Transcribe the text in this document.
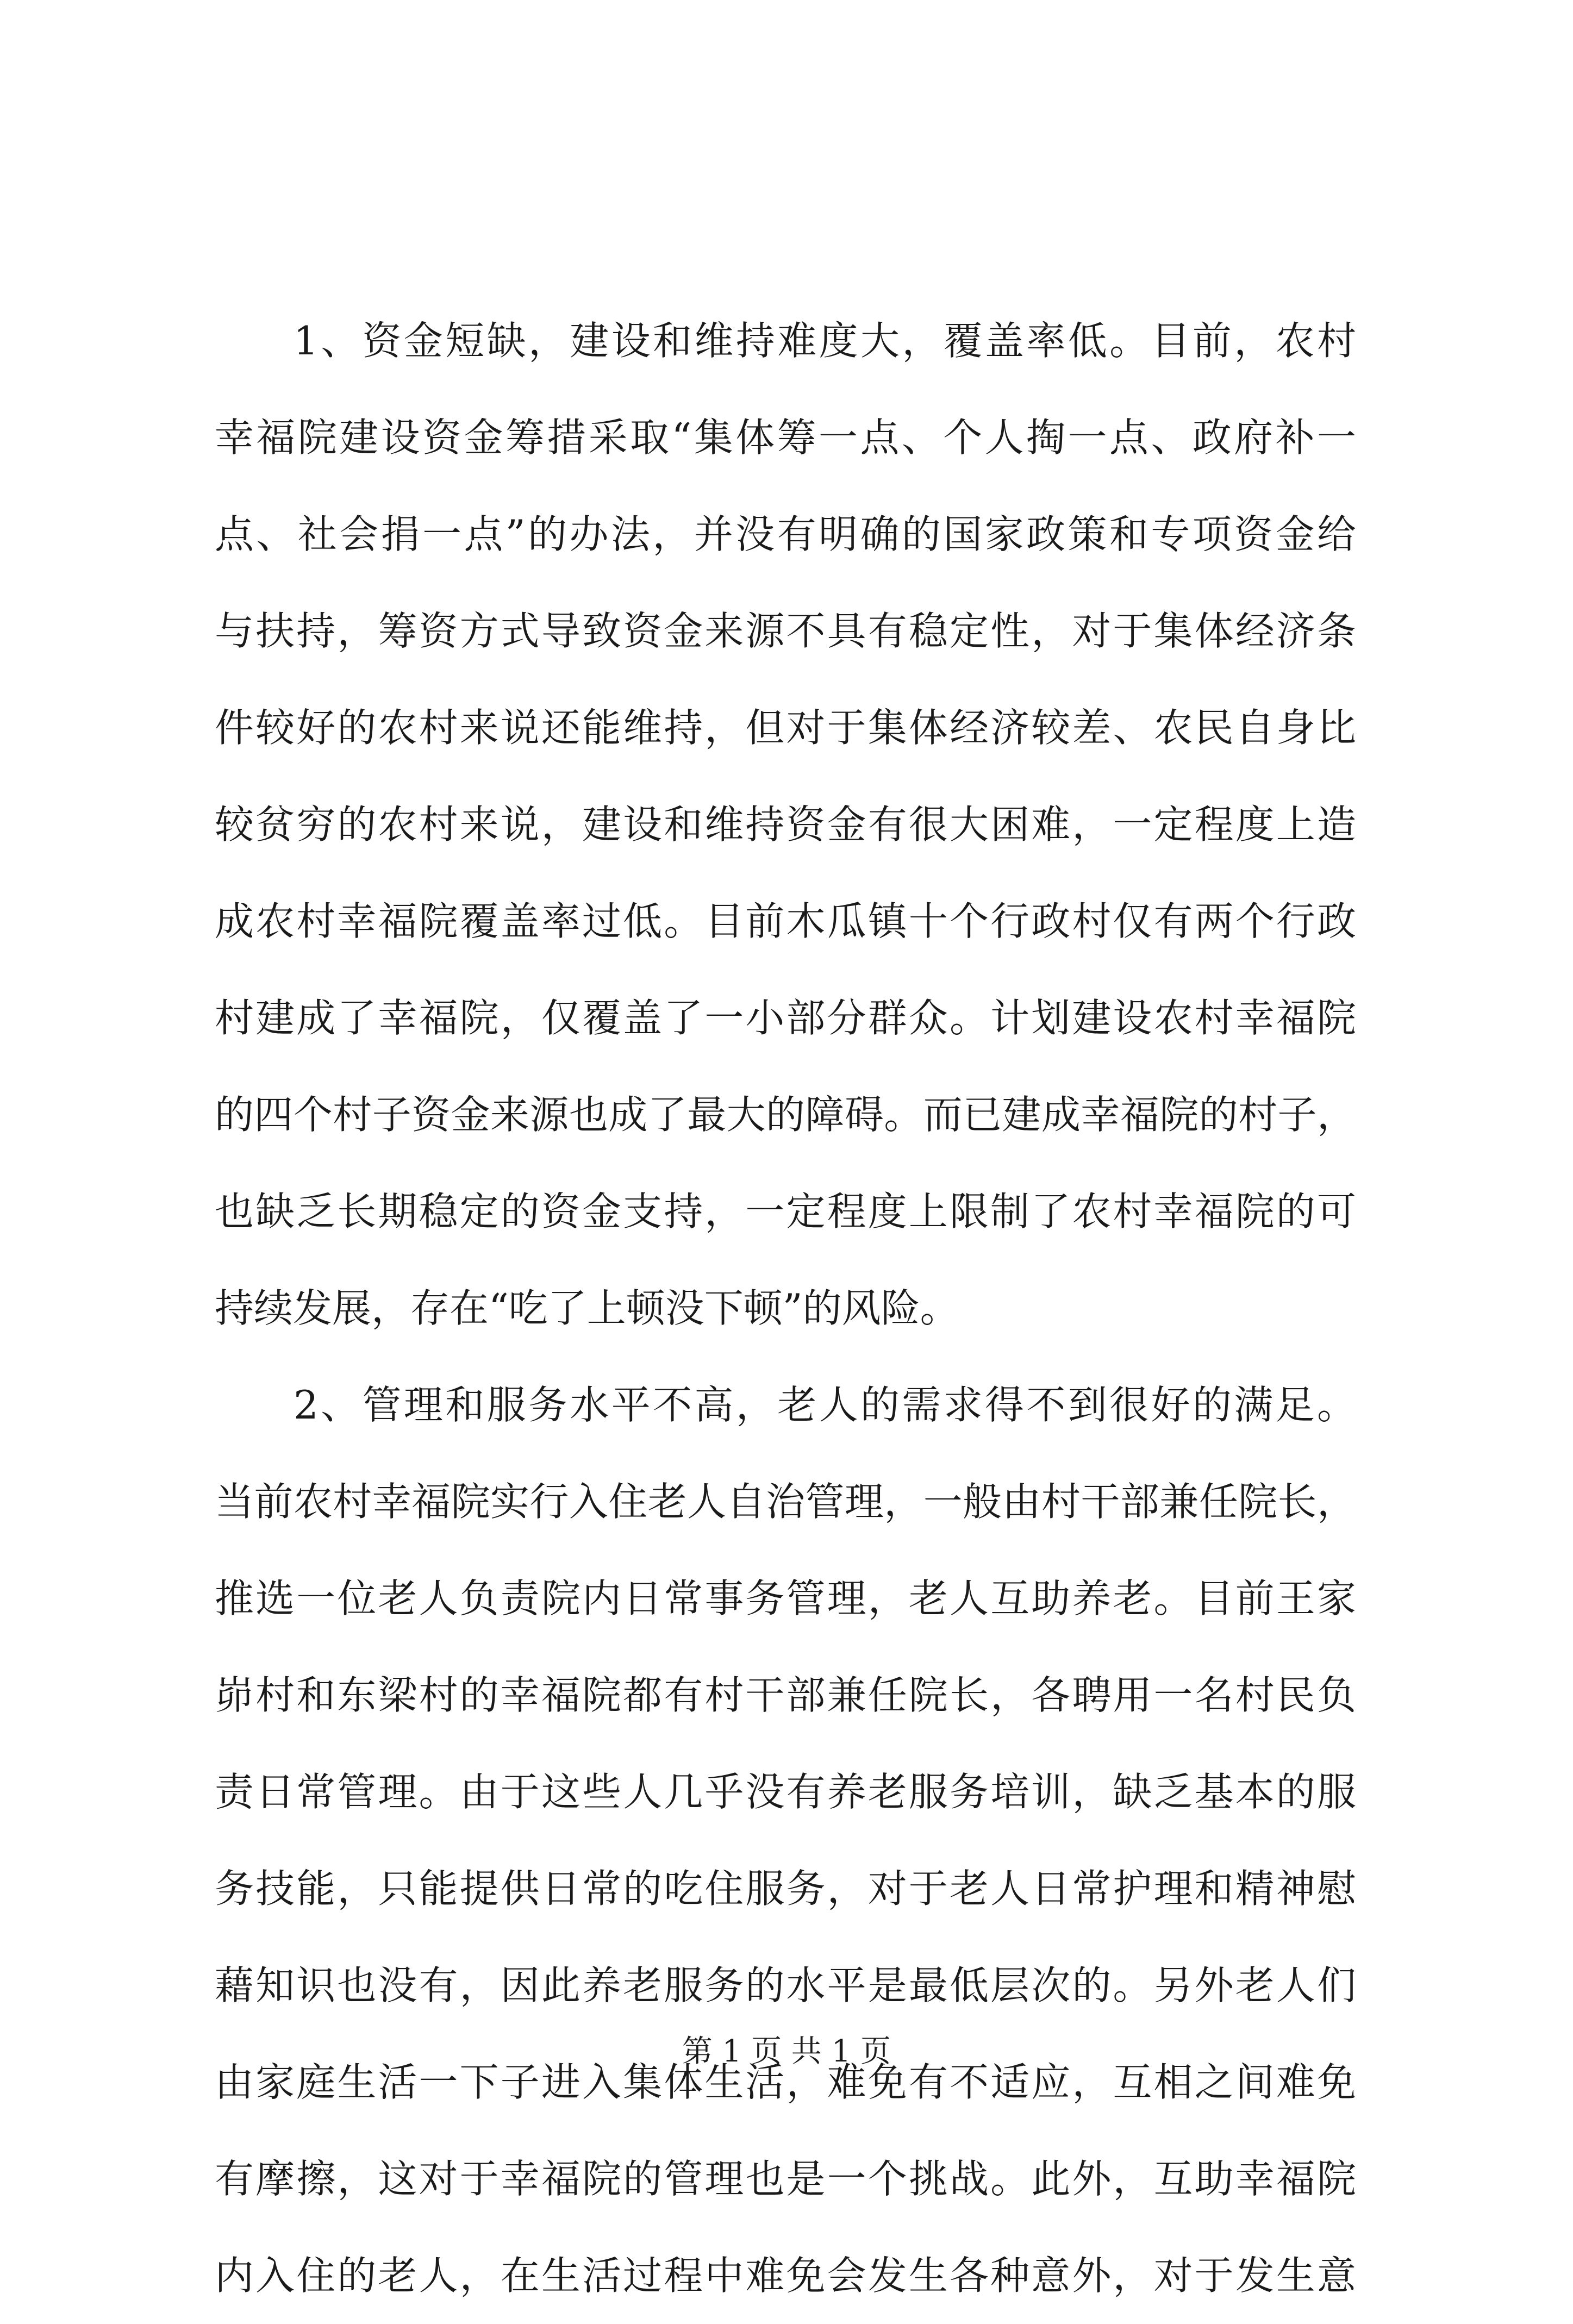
1、资金短缺，建设和维持难度大，覆盖率低。目前，农村
幸福院建设资金筹措采取“集体筹一点、个人掏一点、政府补一
点、社会捐一点”的办法，并没有明确的国家政策和专项资金给
与扶持，筹资方式导致资金来源不具有稳定性，对于集体经济条
件较好的农村来说还能维持，但对于集体经济较差、农民自身比
较贫穷的农村来说，建设和维持资金有很大困难，一定程度上造
成农村幸福院覆盖率过低。目前木瓜镇十个行政村仅有两个行政
村建成了幸福院，仅覆盖了一小部分群众。计划建设农村幸福院
的四个村子资金来源也成了最大的障碍。而已建成幸福院的村子，
也缺乏长期稳定的资金支持，一定程度上限制了农村幸福院的可
持续发展，存在“吃了上顿没下顿”的风险。
2、管理和服务水平不高，老人的需求得不到很好的满足。
当前农村幸福院实行入住老人自治管理，一般由村干部兼任院长，
推选一位老人负责院内日常事务管理，老人互助养老。目前王家
峁村和东梁村的幸福院都有村干部兼任院长，各聘用一名村民负
责日常管理。由于这些人几乎没有养老服务培训，缺乏基本的服
务技能，只能提供日常的吃住服务，对于老人日常护理和精神慰
藉知识也没有，因此养老服务的水平是最低层次的。另外老人们
由家庭生活一下子进入集体生活，难免有不适应，互相之间难免
有摩擦，这对于幸福院的管理也是一个挑战。此外，互助幸福院
内入住的老人，在生活过程中难免会发生各种意外，对于发生意
第 1 页 共 1 页
